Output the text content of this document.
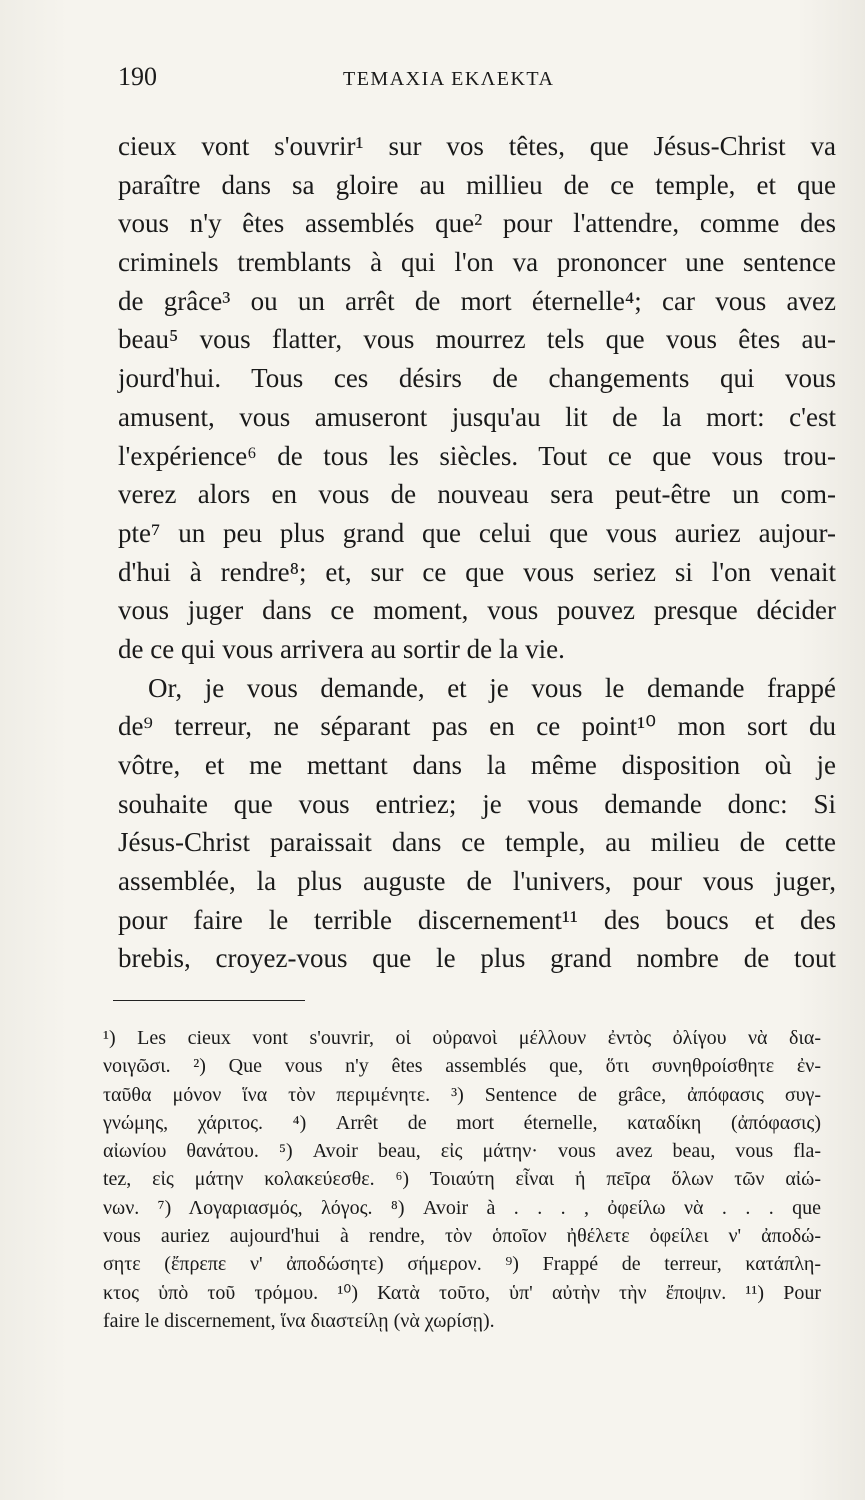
190	TEMAXIA EKΛEKTA
cieux vont s'ouvrir¹ sur vos têtes, que Jésus-Christ va
paraître dans sa gloire au millieu de ce temple, et que
vous n'y êtes assemblés que² pour l'attendre, comme des
criminels tremblants à qui l'on va prononcer une sentence
de grâce³ ou un arrêt de mort éternelle⁴; car vous avez
beau⁵ vous flatter, vous mourrez tels que vous êtes au-
jourd'hui. Tous ces désirs de changements qui vous
amusent, vous amuseront jusqu'au lit de la mort: c'est
l'expérience⁶ de tous les siècles. Tout ce que vous trou-
verez alors en vous de nouveau sera peut-être un com-
pte⁷ un peu plus grand que celui que vous auriez aujour-
d'hui à rendre⁸; et, sur ce que vous seriez si l'on venait
vous juger dans ce moment, vous pouvez presque décider
de ce qui vous arrivera au sortir de la vie.
Or, je vous demande, et je vous le demande frappé
de⁹ terreur, ne séparant pas en ce point¹⁰ mon sort du
vôtre, et me mettant dans la même disposition où je
souhaite que vous entriez; je vous demande donc: Si
Jésus-Christ paraissait dans ce temple, au milieu de cette
assemblée, la plus auguste de l'univers, pour vous juger,
pour faire le terrible discernement¹¹ des boucs et des
brebis, croyez-vous que le plus grand nombre de tout
¹) Les cieux vont s'ouvrir, οἱ οὐρανοὶ μέλλουν ἐντὸς ὀλίγου νὰ δια-
νοιγῶσι. ²) Que vous n'y êtes assemblés que, ὅτι συνηθροίσθητε ἐν-
ταῦθα μόνον ἵνα τὸν περιμένητε. ³) Sentence de grâce, ἀπόφασις συγ-
γνώμης, χάριτος. ⁴) Arrêt de mort éternelle, καταδίκη (ἀπόφασις)
αἰωνίου θανάτου. ⁵) Avoir beau, εἰς μάτην· vous avez beau, vous fla-
tez, εἰς μάτην κολακεύεσθε. ⁶) Τοιαύτη εἶναι ἡ πεῖρα ὅλων τῶν αἰώ-
νων. ⁷) Λογαριασμός, λόγος. ⁸) Avoir à . . . , ὀφείλω νὰ . . . que
vous auriez aujourd'hui à rendre, τὸν ὁποῖον ἠθέλετε ὀφείλει ν' ἀποδώ-
σητε (ἔπρεπε ν' ἀποδώσητε) σήμερον. ⁹) Frappé de terreur, κατάπλη-
κτος ὑπὸ τοῦ τρόμου. ¹⁰) Κατὰ τοῦτο, ὑπ' αὐτὴν τὴν ἔποψιν. ¹¹) Pour
faire le discernement, ἵνα διαστείλῃ (νὰ χωρίσῃ).
